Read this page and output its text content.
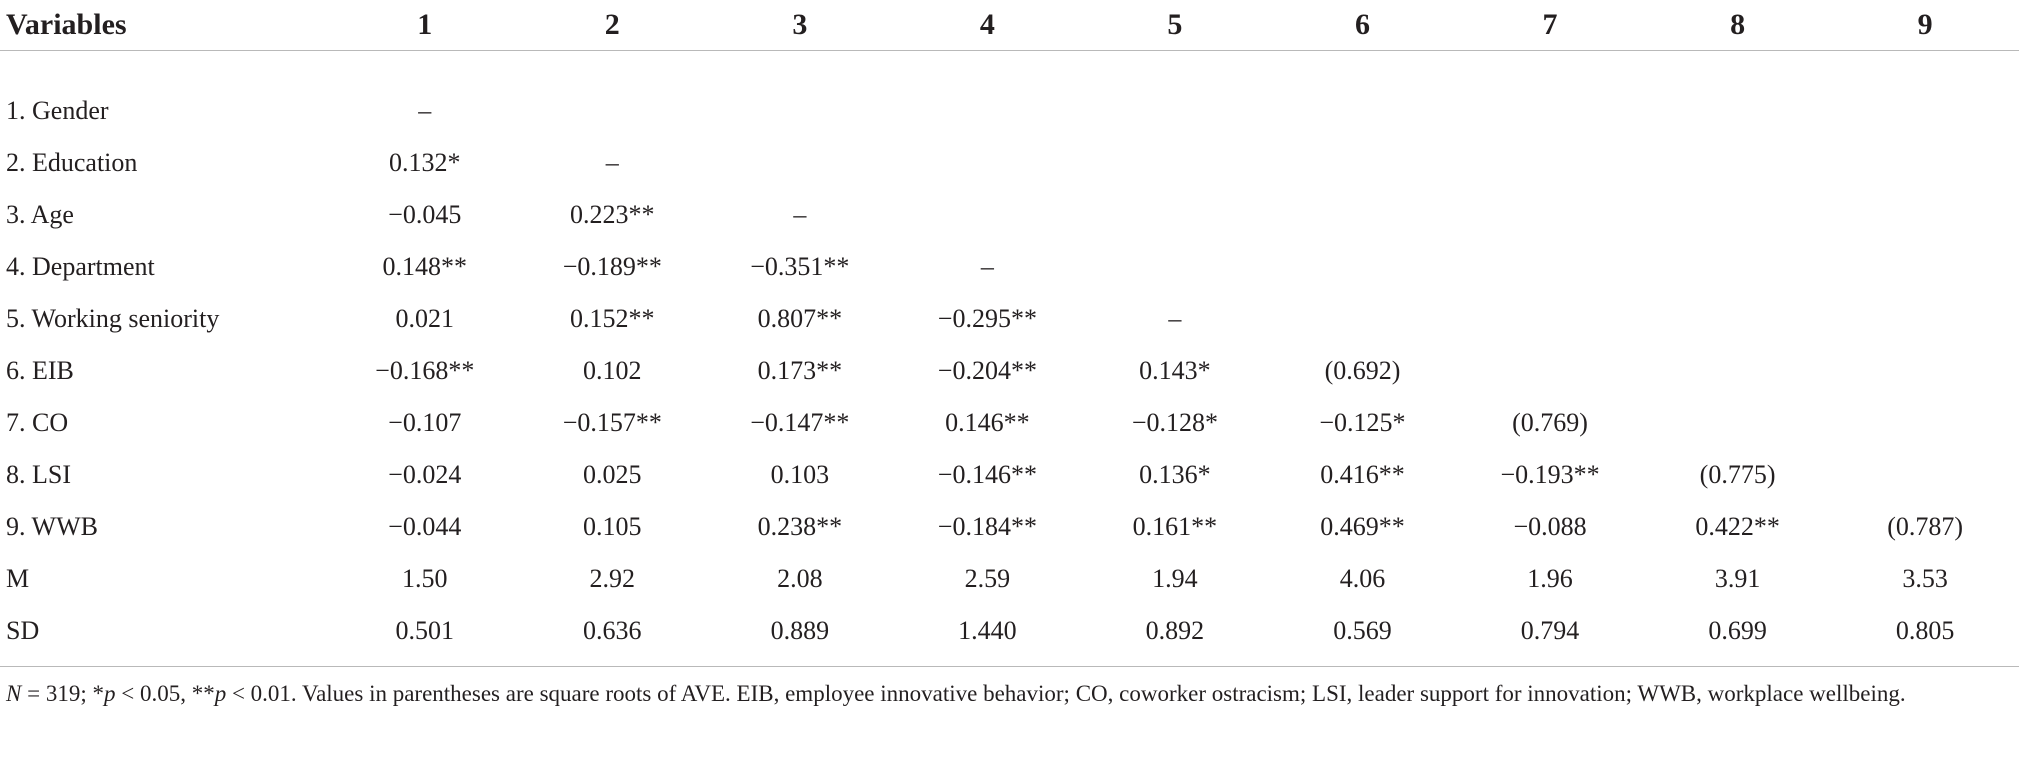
Variables	1	2	3	4	5	6	7	8	9
1. Gender	–								
2. Education	0.132*	–							
3. Age	−0.045	0.223**	–						
4. Department	0.148**	−0.189**	−0.351**	–					
5. Working seniority	0.021	0.152**	0.807**	−0.295**	–				
6. EIB	−0.168**	0.102	0.173**	−0.204**	0.143*	(0.692)			
7. CO	−0.107	−0.157**	−0.147**	0.146**	−0.128*	−0.125*	(0.769)		
8. LSI	−0.024	0.025	0.103	−0.146**	0.136*	0.416**	−0.193**	(0.775)	
9. WWB	−0.044	0.105	0.238**	−0.184**	0.161**	0.469**	−0.088	0.422**	(0.787)
M	1.50	2.92	2.08	2.59	1.94	4.06	1.96	3.91	3.53
SD	0.501	0.636	0.889	1.440	0.892	0.569	0.794	0.699	0.805
N = 319; *p < 0.05, **p < 0.01. Values in parentheses are square roots of AVE. EIB, employee innovative behavior; CO, coworker ostracism; LSI, leader support for innovation; WWB, workplace wellbeing.
